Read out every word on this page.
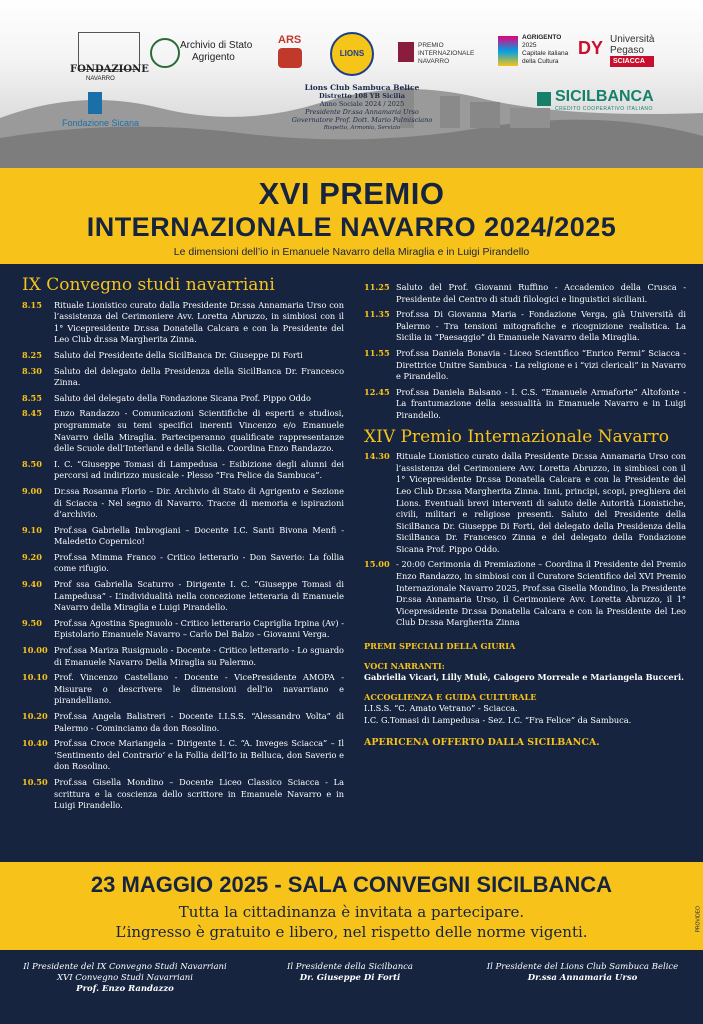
FONDAZIONE
NAVARRO
Archivio di Stato
Agrigento
ARS
LIONS
PREMIO
INTERNAZIONALE
NAVARRO
AGRIGENTO
2025
Capitale italiana
della Cultura
DY Università
Pegaso
SCIACCA
Fondazione Sicana
Lions Club Sambuca Belice
Distretto 108 YB Sicilia
Anno Sociale 2024 / 2025
Presidente Dr.ssa Annamaria Urso
Governatore Prof. Dott. Mario Palmisciano
Rispetto, Armonia, Servizio
SICILBANCA
CREDITO COOPERATIVO ITALIANO
XVI PREMIO
INTERNAZIONALE NAVARRO 2024/2025
Le dimensioni dell’io in Emanuele Navarro della Miraglia e in Luigi Pirandello
IX Convegno studi navarriani
8.15	Rituale Lionistico curato dalla Presidente Dr.ssa Annamaria Urso con l’assistenza del Cerimoniere Avv. Loretta Abruzzo, in simbiosi con il 1° Vicepresidente Dr.ssa Donatella Calcara e con la Presidente del Leo Club dr.ssa Margherita Zinna.
8.25	Saluto del Presidente della SicilBanca Dr. Giuseppe Di Forti
8.30	Saluto del delegato della Presidenza della SicilBanca Dr. Francesco Zinna.
8.55	Saluto del delegato della Fondazione Sicana Prof. Pippo Oddo
8.45	Enzo Randazzo - Comunicazioni Scientifiche di esperti e studiosi, programmate su temi specifici inerenti Vincenzo e/o Emanuele Navarro della Miraglia. Parteciperanno qualificate rappresentanze delle Scuole dell’Interland e della Sicilia. Coordina Enzo Randazzo.
8.50	I. C. “Giuseppe Tomasi di Lampedusa - Esibizione degli alunni dei percorsi ad indirizzo musicale - Plesso “Fra Felice da Sambuca”.
9.00	Dr.ssa Rosanna Florio – Dir. Archivio di Stato di Agrigento e Sezione di Sciacca - Nel segno di Navarro. Tracce di memoria e ispirazioni d’archivio.
9.10	Prof.ssa Gabriella Imbrogiani – Docente I.C. Santi Bivona Menfi - Maledetto Copernico!
9.20	Prof.ssa Mimma Franco - Critico letterario - Don Saverio: La follia come rifugio.
9.40	Prof ssa Gabriella Scaturro - Dirigente I. C. “Giuseppe Tomasi di Lampedusa” - L’individualità nella concezione letteraria di Emanuele Navarro della Miraglia e Luigi Pirandello.
9.50	Prof.ssa Agostina Spagnuolo - Critico letterario Capriglia Irpina (Av) - Epistolario Emanuele Navarro – Carlo Del Balzo – Giovanni Verga.
10.00 Prof.ssa Mariza Rusignuolo - Docente - Critico letterario - Lo sguardo di Emanuele Navarro Della Miraglia su Palermo.
10.10 Prof. Vincenzo Castellano - Docente - VicePresidente AMOPA - Misurare o descrivere le dimensioni dell’io navarriano e pirandelliano.
10.20 Prof.ssa Angela Balistreri - Docente I.I.S.S. “Alessandro Volta” di Palermo - Cominciamo da don Rosolino.
10.40 Prof.ssa Croce Mariangela – Dirigente I. C. “A. Inveges Sciacca” – Il ‘Sentimento del Contrario’ e la Follia dell’Io in Belluca, don Saverio e don Rosolino.
10.50 Prof.ssa Gisella Mondino – Docente Liceo Classico Sciacca - La scrittura e la coscienza dello scrittore in Emanuele Navarro e in Luigi Pirandello.
11.25 Saluto del Prof. Giovanni Ruffino - Accademico della Crusca - Presidente del Centro di studi filologici e linguistici siciliani.
11.35 Prof.ssa Di Giovanna Maria - Fondazione Verga, già Università di Palermo - Tra tensioni mitografiche e ricognizione realistica. La Sicilia in “Paesaggio” di Emanuele Navarro della Miraglia.
11.55 Prof.ssa Daniela Bonavia - Liceo Scientifico “Enrico Fermi” Sciacca - Direttrice Unitre Sambuca - La religione e i “vizi clericali” in Navarro e Pirandello.
12.45 Prof.ssa Daniela Balsano - I. C.S. “Emanuele Armaforte” Altofonte - La frantumazione della sessualità in Emanuele Navarro e in Luigi Pirandello.
XIV Premio Internazionale Navarro
14.30 Rituale Lionistico curato dalla Presidente Dr.ssa Annamaria Urso con l’assistenza del Cerimoniere Avv. Loretta Abruzzo, in simbiosi con il 1° Vicepresidente Dr.ssa Donatella Calcara e con la Presidente del Leo Club Dr.ssa Margherita Zinna. Inni, principi, scopi, preghiera dei Lions. Eventuali brevi interventi di saluto delle Autorità Lionistiche, civili, militari e religiose presenti. Saluto del Presidente della SicilBanca Dr. Giuseppe Di Forti, del delegato della Presidenza della SicilBanca Dr. Francesco Zinna e del delegato della Fondazione Sicana Prof. Pippo Oddo.
15.00 - 20:00 Cerimonia di Premiazione – Coordina il Presidente del Premio Enzo Randazzo, in simbiosi con il Curatore Scientifico del XVI Premio Internazionale Navarro 2025, Prof.ssa Gisella Mondino, la Presidente Dr.ssa Annamaria Urso, il Cerimoniere Avv. Loretta Abruzzo, il 1° Vicepresidente Dr.ssa Donatella Calcara e con la Presidente del Leo Club Dr.ssa Margherita Zinna
PREMI SPECIALI DELLA GIURIA
VOCI NARRANTI:
Gabriella Vicari, Lilly Mulè, Calogero Morreale e Mariangela Bucceri.
ACCOGLIENZA E GUIDA CULTURALE
I.I.S.S. “C. Amato Vetrano” - Sciacca.
I.C. G.Tomasi di Lampedusa - Sez. I.C. “Fra Felice” da Sambuca.
APERICENA OFFERTO DALLA SICILBANCA.
23 MAGGIO 2025 - SALA CONVEGNI SICILBANCA
Tutta la cittadinanza è invitata a partecipare.
L’ingresso è gratuito e libero, nel rispetto delle norme vigenti.	PROVIDEO
Il Presidente del IX Convegno Studi Navarriani
XVI Convegno Studi Navarriani
Prof. Enzo Randazzo
Il Presidente della Sicilbanca
Dr. Giuseppe Di Forti
Il Presidente del Lions Club Sambuca Belice
Dr.ssa Annamaria Urso
